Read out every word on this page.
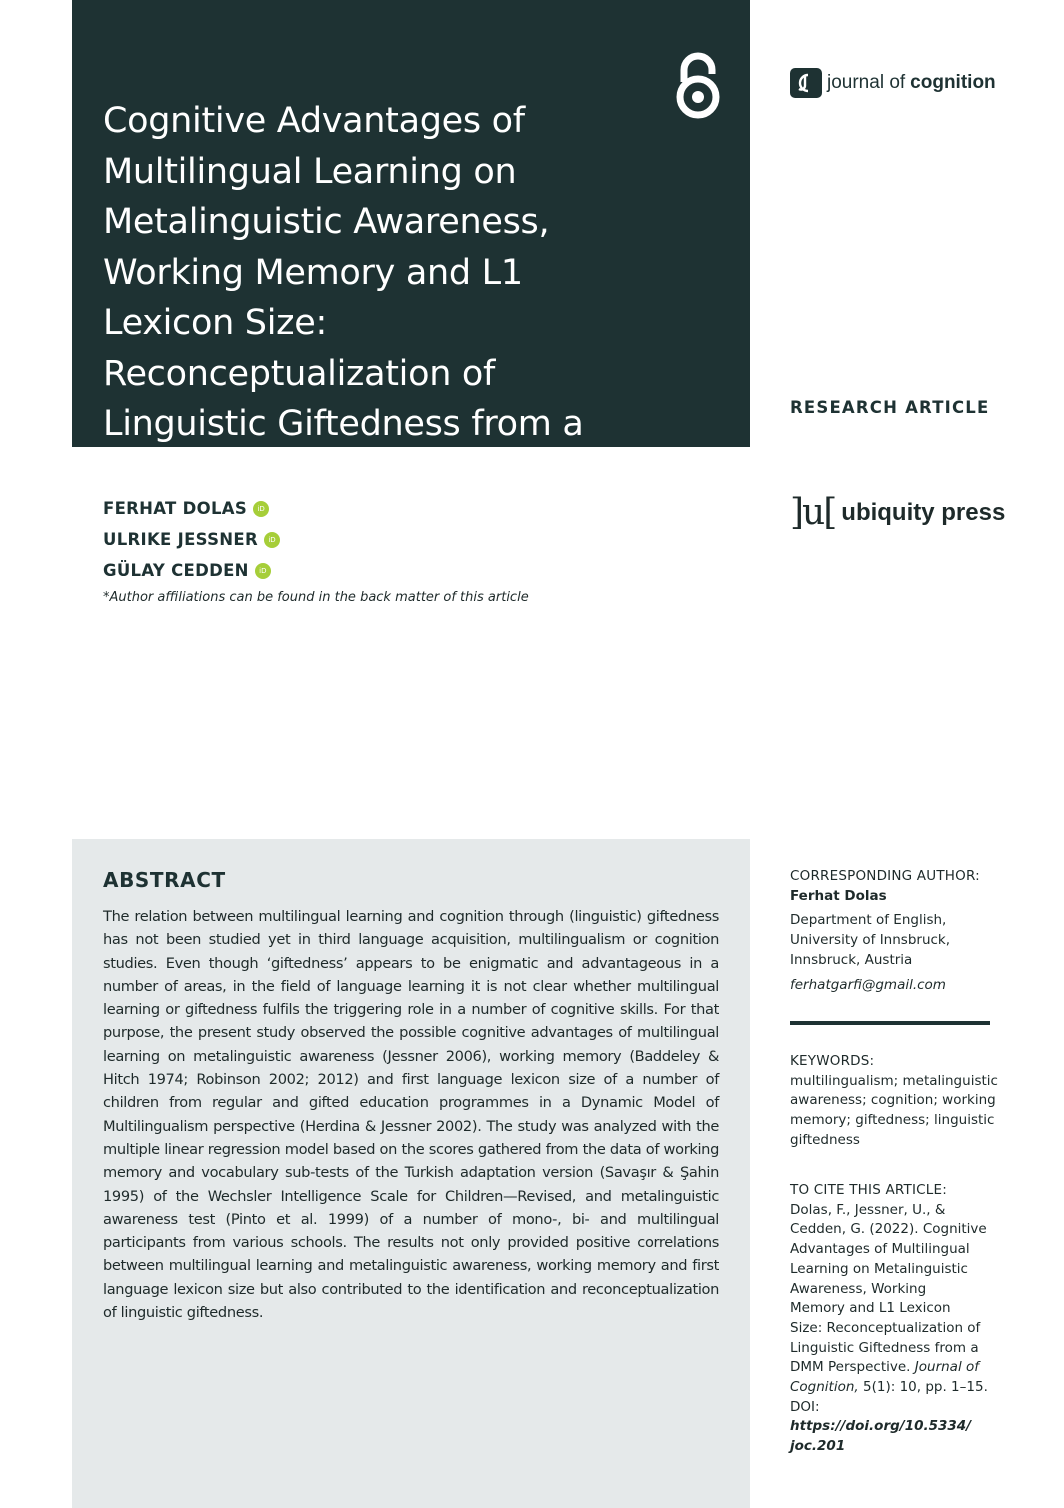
Cognitive Advantages of Multilingual Learning on Metalinguistic Awareness, Working Memory and L1 Lexicon Size: Reconceptualization of Linguistic Giftedness from a DMM Perspective
journal of cognition
RESEARCH ARTICLE
]u[ ubiquity press
FERHAT DOLAS
iD
ULRIKE JESSNER
iD
GÜLAY CEDDEN
iD
*Author affiliations can be found in the back matter of this article
ABSTRACT

The relation between multilingual learning and cognition through (linguistic) giftedness has not been studied yet in third language acquisition, multilingualism or cognition studies. Even though ‘giftedness’ appears to be enigmatic and advantageous in a number of areas, in the field of language learning it is not clear whether multilingual learning or giftedness fulfils the triggering role in a number of cognitive skills. For that purpose, the present study observed the possible cognitive advantages of multilingual learning on metalinguistic awareness (Jessner 2006), working memory (Baddeley & Hitch 1974; Robinson 2002; 2012) and first language lexicon size of a number of children from regular and gifted education programmes in a Dynamic Model of Multilingualism perspective (Herdina & Jessner 2002). The study was analyzed with the multiple linear regression model based on the scores gathered from the data of working memory and vocabulary sub-tests of the Turkish adaptation version (Savaşır & Şahin 1995) of the Wechsler Intelligence Scale for Children—Revised, and metalinguistic awareness test (Pinto et al. 1999) of a number of mono-, bi- and multilingual participants from various schools. The results not only provided positive correlations between multilingual learning and metalinguistic awareness, working memory and first language lexicon size but also contributed to the identification and reconceptualization of linguistic giftedness.

CORRESPONDING AUTHOR:
Ferhat Dolas
Department of English,
University of Innsbruck,
Innsbruck, Austria
ferhatgarfi@gmail.com
KEYWORDS:
multilingualism; metalinguistic
awareness; cognition; working
memory; giftedness; linguistic
giftedness
TO CITE THIS ARTICLE:
Dolas, F., Jessner, U., &
Cedden, G. (2022). Cognitive
Advantages of Multilingual
Learning on Metalinguistic
Awareness, Working
Memory and L1 Lexicon
Size: Reconceptualization of
Linguistic Giftedness from a
DMM Perspective. Journal of
Cognition, 5(1): 10, pp. 1–15.
DOI: https://doi.org/10.5334/
joc.201
